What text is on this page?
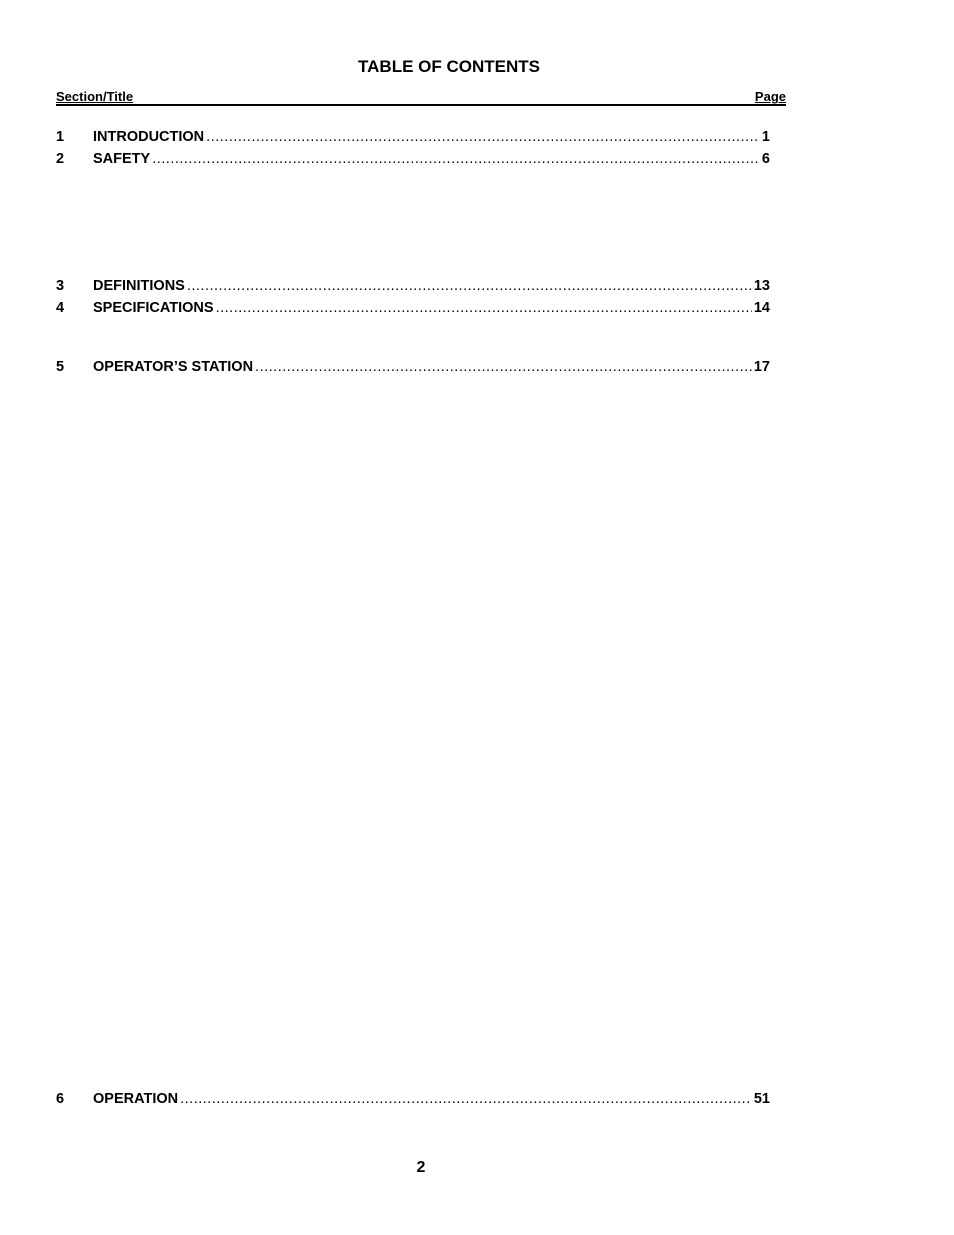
TABLE OF CONTENTS
Section/Title	Page
1	INTRODUCTION .....	1
2	SAFETY .....	6
3	DEFINITIONS .....	13
4	SPECIFICATIONS .....	14
5	OPERATOR’S STATION .....	17
6	OPERATION .....	51
2
